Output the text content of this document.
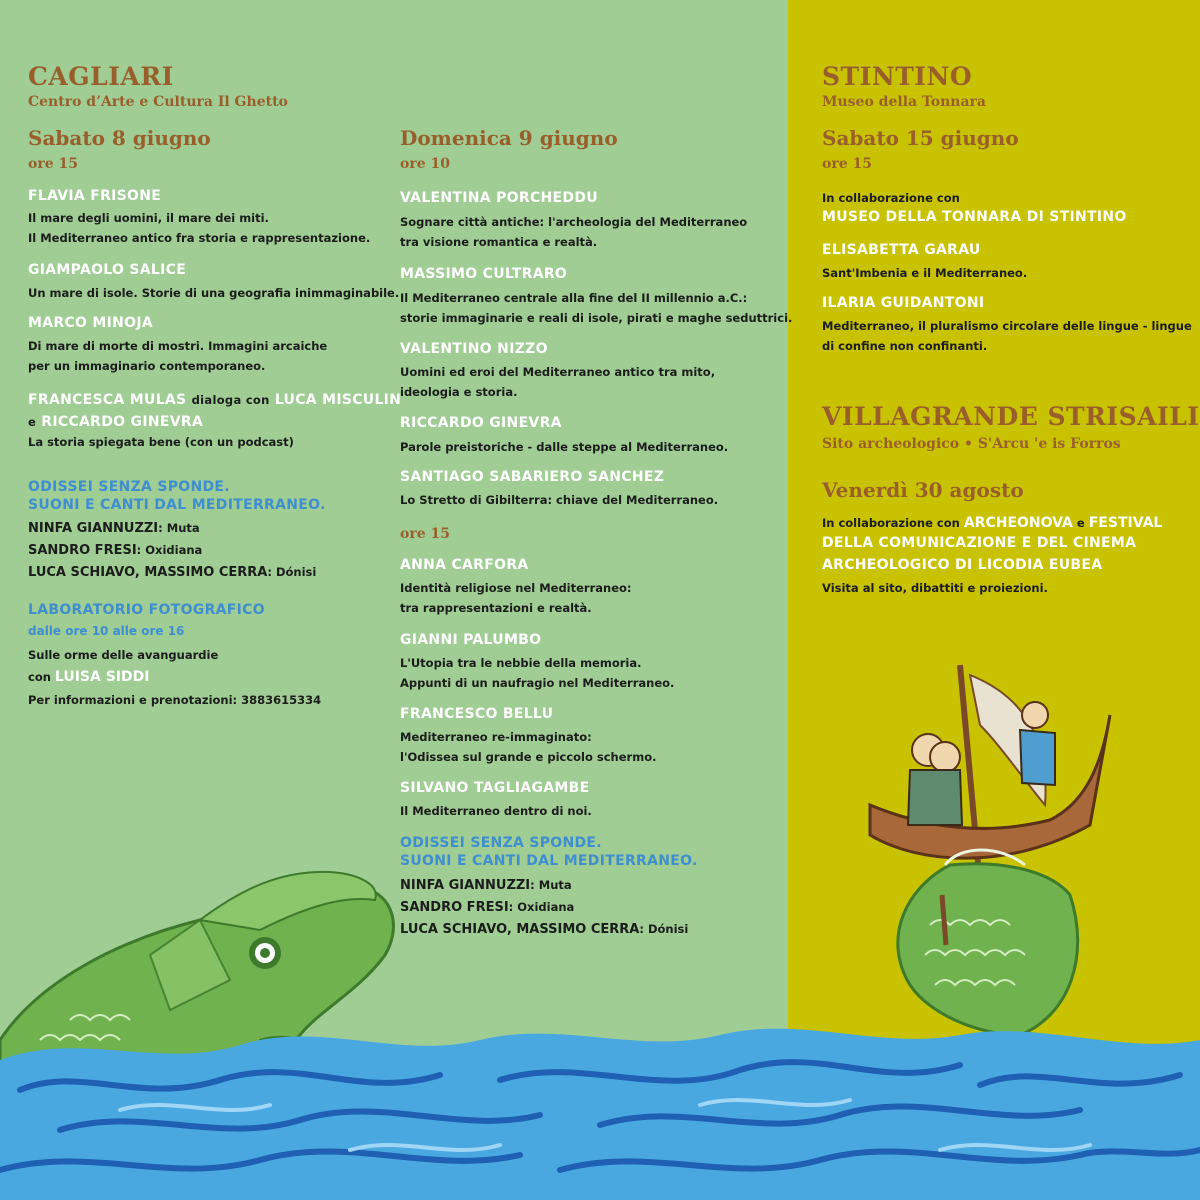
CAGLIARI
Centro d’Arte e Cultura Il Ghetto
Sabato 8 giugno
ore 15
FLAVIA FRISONE
Il mare degli uomini, il mare dei miti.
Il Mediterraneo antico fra storia e rappresentazione.
GIAMPAOLO SALICE
Un mare di isole. Storie di una geografia inimmaginabile.
MARCO MINOJA
Di mare di morte di mostri. Immagini arcaiche
per un immaginario contemporaneo.
FRANCESCA MULAS dialoga con LUCA MISCULIN
e RICCARDO GINEVRA
La storia spiegata bene (con un podcast)
ODISSEI SENZA SPONDE.
SUONI E CANTI DAL MEDITERRANEO.
NINFA GIANNUZZI: Muta
SANDRO FRESI: Oxidiana
LUCA SCHIAVO, MASSIMO CERRA: Dónisi
LABORATORIO FOTOGRAFICO
dalle ore 10 alle ore 16
Sulle orme delle avanguardie
con LUISA SIDDI
Per informazioni e prenotazioni: 3883615334
Domenica 9 giugno
ore 10
VALENTINA PORCHEDDU
Sognare città antiche: l'archeologia del Mediterraneo
tra visione romantica e realtà.
MASSIMO CULTRARO
Il Mediterraneo centrale alla fine del II millennio a.C.:
storie immaginarie e reali di isole, pirati e maghe seduttrici.
VALENTINO NIZZO
Uomini ed eroi del Mediterraneo antico tra mito,
ideologia e storia.
RICCARDO GINEVRA
Parole preistoriche - dalle steppe al Mediterraneo.
SANTIAGO SABARIERO SANCHEZ
Lo Stretto di Gibilterra: chiave del Mediterraneo.
ore 15
ANNA CARFORA
Identità religiose nel Mediterraneo:
tra rappresentazioni e realtà.
GIANNI PALUMBO
L'Utopia tra le nebbie della memoria.
Appunti di un naufragio nel Mediterraneo.
FRANCESCO BELLU
Mediterraneo re-immaginato:
l'Odissea sul grande e piccolo schermo.
SILVANO TAGLIAGAMBE
Il Mediterraneo dentro di noi.
ODISSEI SENZA SPONDE.
SUONI E CANTI DAL MEDITERRANEO.
NINFA GIANNUZZI: Muta
SANDRO FRESI: Oxidiana
LUCA SCHIAVO, MASSIMO CERRA: Dónisi
STINTINO
Museo della Tonnara
Sabato 15 giugno
ore 15
In collaborazione con
MUSEO DELLA TONNARA DI STINTINO
ELISABETTA GARAU
Sant'Imbenia e il Mediterraneo.
ILARIA GUIDANTONI
Mediterraneo, il pluralismo circolare delle lingue - lingue
di confine non confinanti.
VILLAGRANDE STRISAILI
Sito archeologico • S'Arcu 'e is Forros
Venerdì 30 agosto
In collaborazione con ARCHEONOVA e FESTIVAL
DELLA COMUNICAZIONE E DEL CINEMA
ARCHEOLOGICO DI LICODIA EUBEA
Visita al sito, dibattiti e proiezioni.
